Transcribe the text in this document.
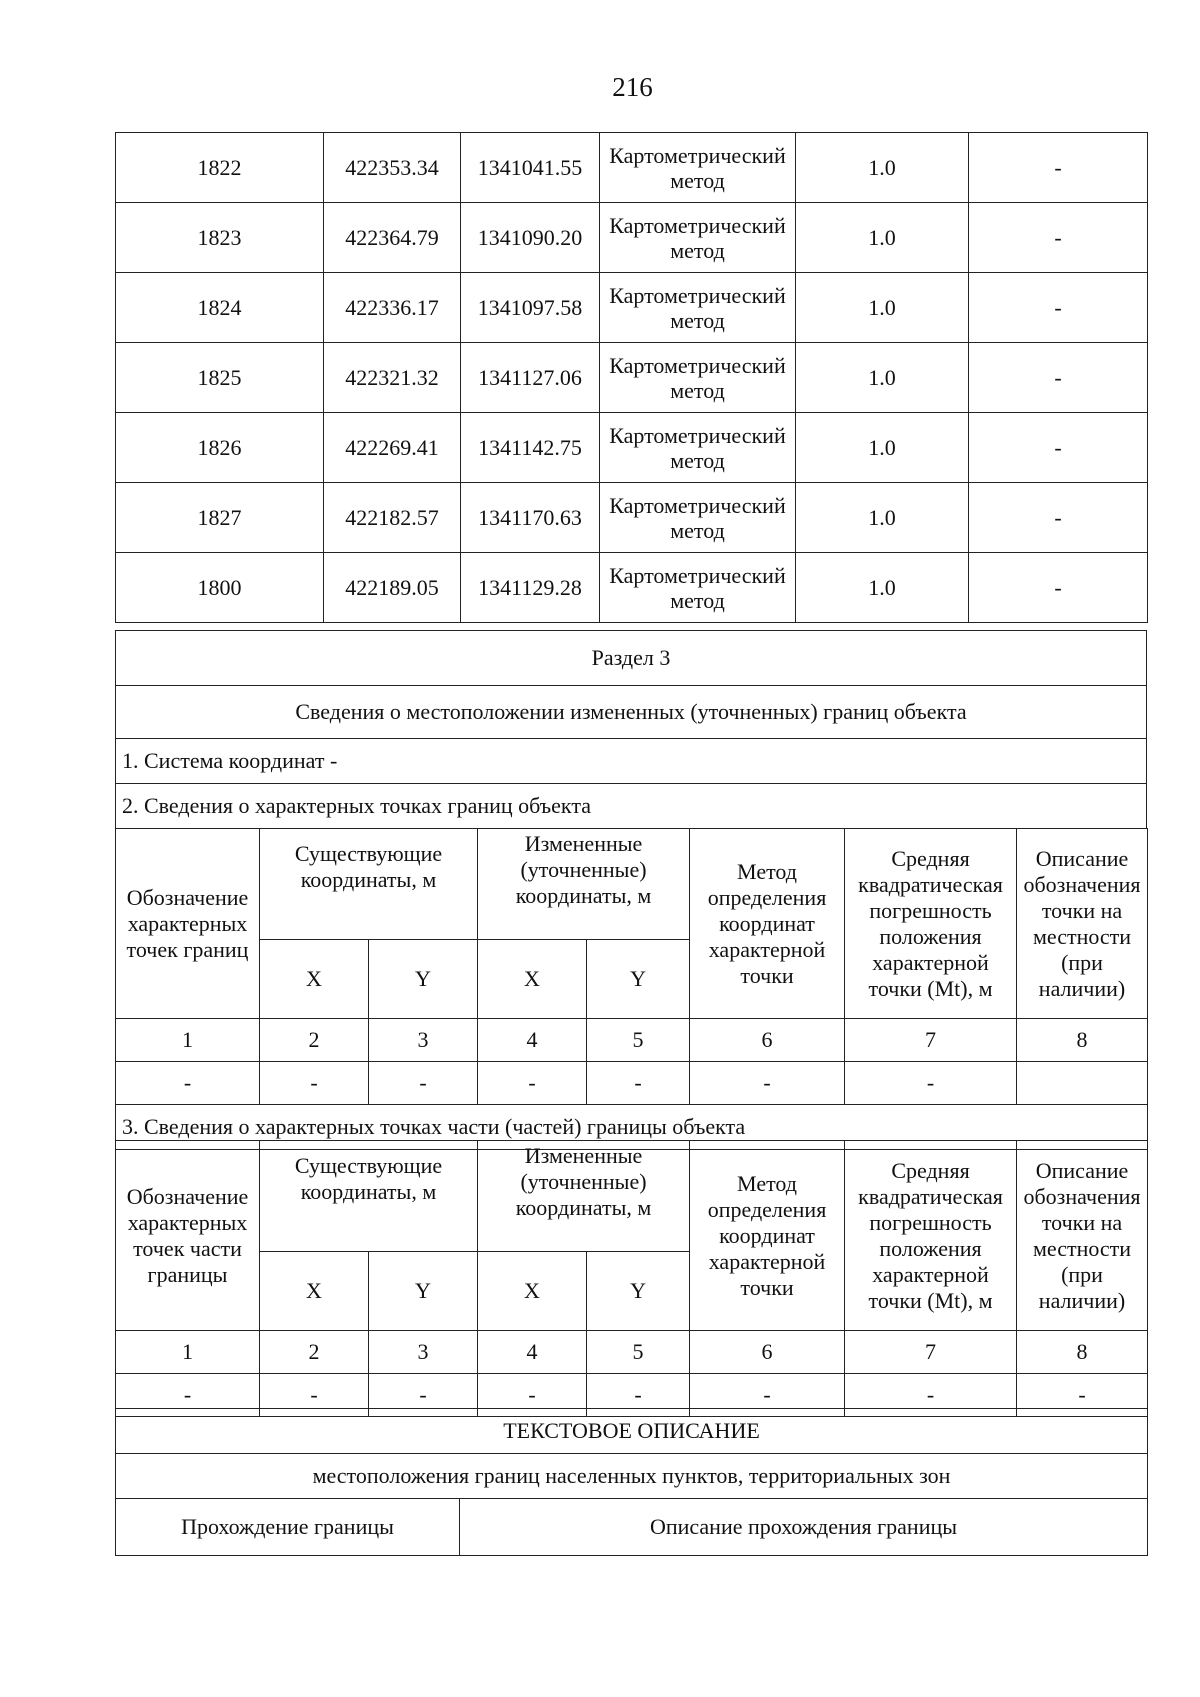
216
1822	422353.34	1341041.55	Картометрический метод	1.0	-
1823	422364.79	1341090.20	Картометрический метод	1.0	-
1824	422336.17	1341097.58	Картометрический метод	1.0	-
1825	422321.32	1341127.06	Картометрический метод	1.0	-
1826	422269.41	1341142.75	Картометрический метод	1.0	-
1827	422182.57	1341170.63	Картометрический метод	1.0	-
1800	422189.05	1341129.28	Картометрический метод	1.0	-
Раздел 3
Сведения о местоположении измененных (уточненных) границ объекта
1. Система координат -
2. Сведения о характерных точках границ объекта
Обозначение характерных точек границ	Существующие координаты, м		Измененные (уточненные) координаты, м		Метод определения координат характерной точки	Средняя квадратическая погрешность положения характерной точки (Mt), м	Описание обозначения точки на местности (при наличии)
	X	Y	X	Y			
1	2	3	4	5	6	7	8
-	-	-	-	-	-	-	
3. Сведения о характерных точках части (частей) границы объекта							
Обозначение характерных точек части границы	Существующие координаты, м		Измененные (уточненные) координаты, м		Метод определения координат характерной точки	Средняя квадратическая погрешность положения характерной точки (Mt), м	Описание обозначения точки на местности (при наличии)
	X	Y	X	Y			
1	2	3	4	5	6	7	8
-	-	-	-	-	-	-	-
ТЕКСТОВОЕ ОПИСАНИЕ
местоположения границ населенных пунктов, территориальных зон
Прохождение границы	Описание прохождения границы
